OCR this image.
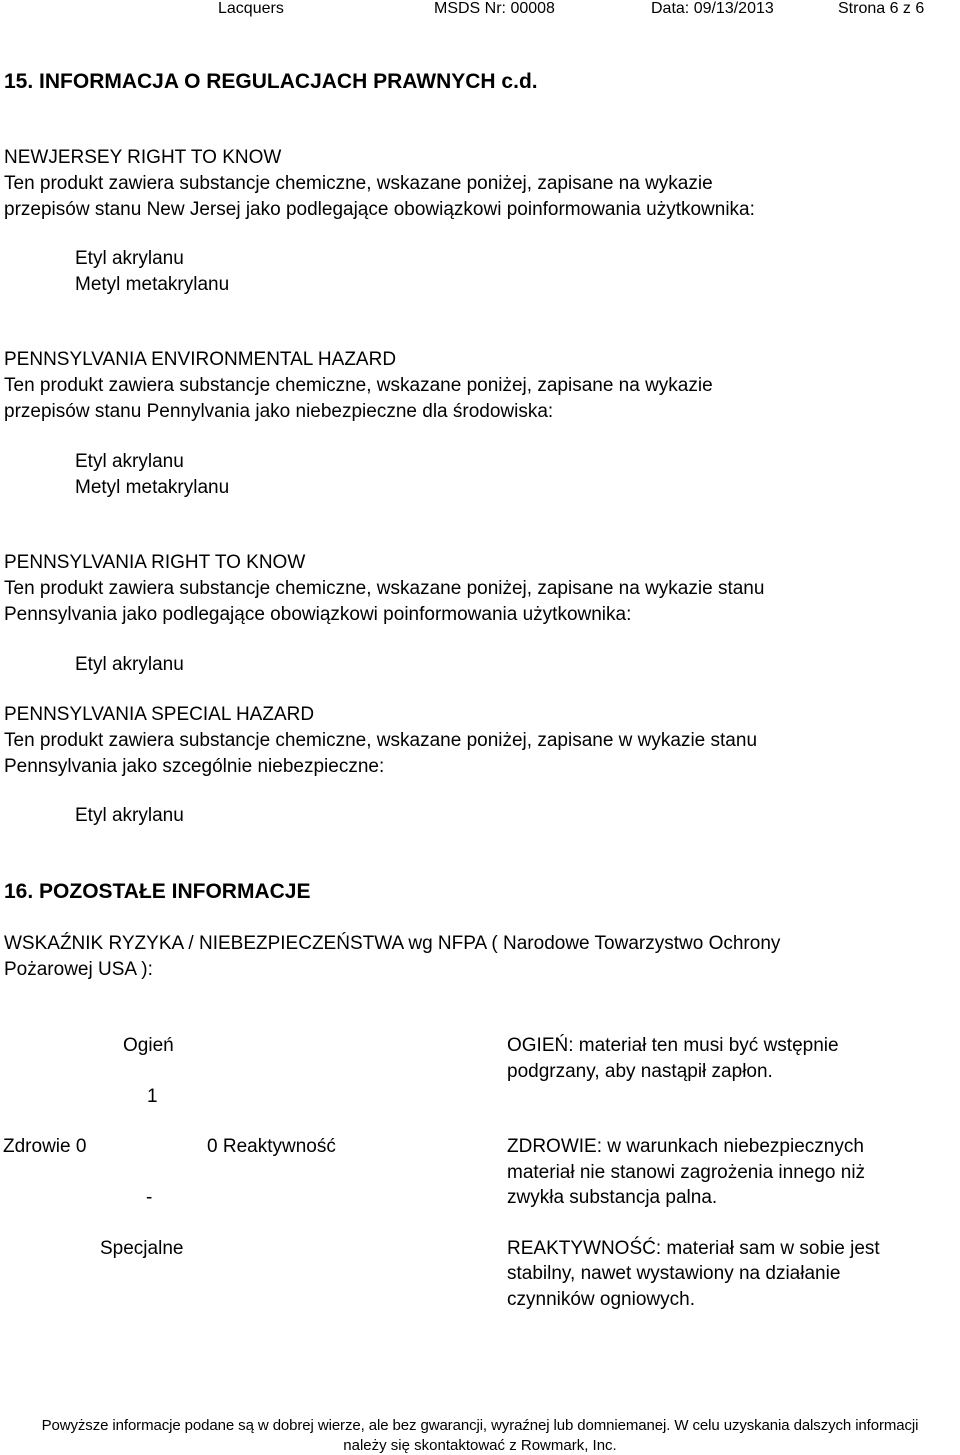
Lacquers	MSDS Nr: 00008	Data: 09/13/2013	Strona 6 z 6
15. INFORMACJA O REGULACJACH PRAWNYCH c.d.
NEWJERSEY RIGHT TO KNOW
Ten produkt zawiera substancje chemiczne, wskazane poniżej, zapisane na wykazie
przepisów stanu New Jersej jako podlegające obowiązkowi poinformowania użytkownika:
Etyl akrylanu
Metyl metakrylanu
PENNSYLVANIA ENVIRONMENTAL HAZARD
Ten produkt zawiera substancje chemiczne, wskazane poniżej, zapisane na wykazie
przepisów stanu Pennylvania jako niebezpieczne dla środowiska:
Etyl akrylanu
Metyl metakrylanu
PENNSYLVANIA RIGHT TO KNOW
Ten produkt zawiera substancje chemiczne, wskazane poniżej, zapisane na wykazie stanu
Pennsylvania jako podlegające obowiązkowi poinformowania użytkownika:
Etyl akrylanu
PENNSYLVANIA SPECIAL HAZARD
Ten produkt zawiera substancje chemiczne, wskazane poniżej, zapisane w wykazie stanu
Pennsylvania jako szcególnie niebezpieczne:
Etyl akrylanu
16. POZOSTAŁE INFORMACJE
WSKAŹNIK RYZYKA / NIEBEZPIECZEŃSTWA wg NFPA ( Narodowe Towarzystwo Ochrony
Pożarowej USA ):
Ogień
1
Zdrowie 0	0 Reaktywność
-
Specjalne
OGIEŃ: materiał ten musi być wstępnie
podgrzany, aby nastąpił zapłon.
ZDROWIE: w warunkach niebezpiecznych
materiał nie stanowi zagrożenia innego niż
zwykła substancja palna.
REAKTYWNOŚĆ: materiał sam w sobie jest
stabilny, nawet wystawiony na działanie
czynników ogniowych.
Powyższe informacje podane są w dobrej wierze, ale bez gwarancji, wyraźnej lub domniemanej. W celu uzyskania dalszych informacji
należy się skontaktować z Rowmark, Inc.
